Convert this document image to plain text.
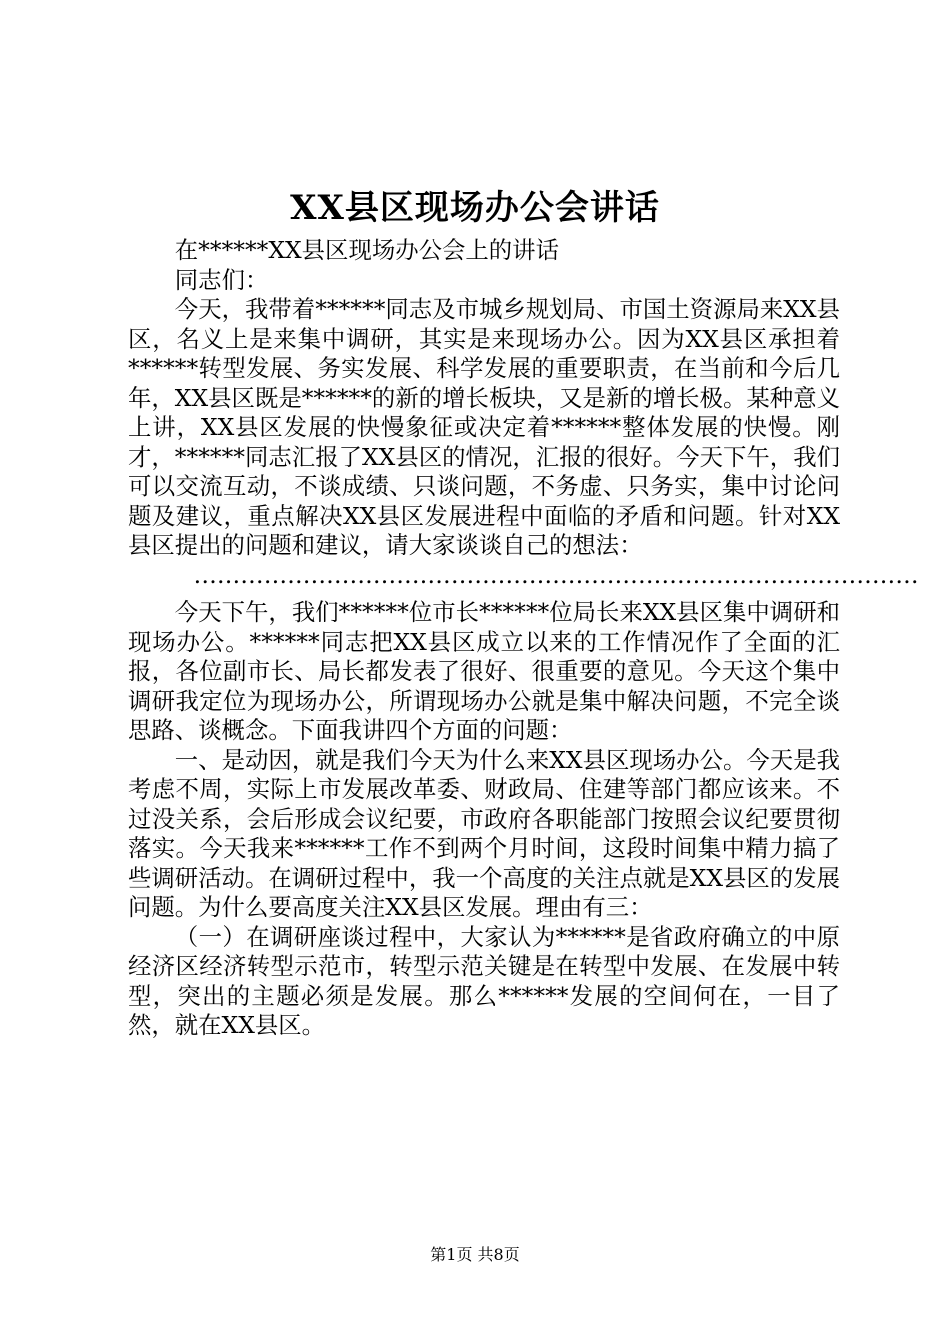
XX县区现场办公会讲话

在******XX县区现场办公会上的讲话

同志们：

今天，我带着******同志及市城乡规划局、市国土资源局来XX县区，名义上是来集中调研，其实是来现场办公。因为XX县区承担着******转型发展、务实发展、科学发展的重要职责，在当前和今后几年，XX县区既是******的新的增长板块，又是新的增长极。某种意义上讲，XX县区发展的快慢象征或决定着******整体发展的快慢。刚才，******同志汇报了XX县区的情况，汇报的很好。今天下午，我们可以交流互动，不谈成绩、只谈问题，不务虚、只务实，集中讨论问题及建议，重点解决XX县区发展进程中面临的矛盾和问题。针对XX县区提出的问题和建议，请大家谈谈自己的想法：

…………………………………………………………………………………

今天下午，我们******位市长******位局长来XX县区集中调研和现场办公。******同志把XX县区成立以来的工作情况作了全面的汇报，各位副市长、局长都发表了很好、很重要的意见。今天这个集中调研我定位为现场办公，所谓现场办公就是集中解决问题，不完全谈思路、谈概念。下面我讲四个方面的问题：

一、是动因，就是我们今天为什么来XX县区现场办公。今天是我考虑不周，实际上市发展改革委、财政局、住建等部门都应该来。不过没关系，会后形成会议纪要，市政府各职能部门按照会议纪要贯彻落实。今天我来******工作不到两个月时间，这段时间集中精力搞了些调研活动。在调研过程中，我一个高度的关注点就是XX县区的发展问题。为什么要高度关注XX县区发展。理由有三：

（一）在调研座谈过程中，大家认为******是省政府确立的中原经济区经济转型示范市，转型示范关键是在转型中发展、在发展中转型，突出的主题必须是发展。那么******发展的空间何在，一目了然，就在XX县区。

第1页 共8页
